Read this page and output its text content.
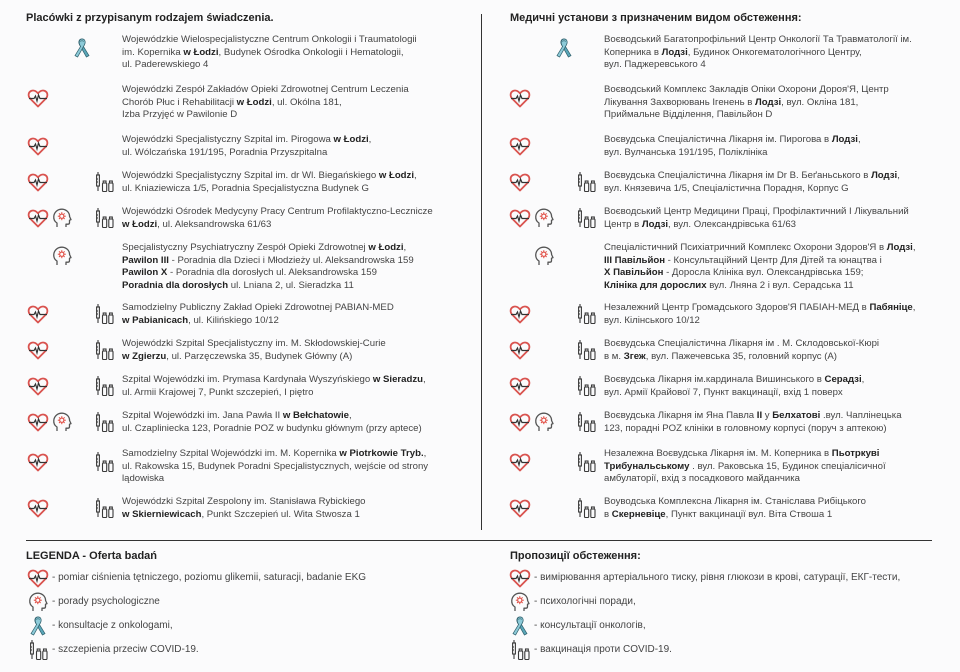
Placówki z przypisanym rodzajem świadczenia.	Медичні установи з призначеним видом обстеження:
Wojewódzkie Wielospecjalistyczne Centrum Onkologii i Traumatologii
im. Kopernika w Łodzi, Budynek Ośrodka Onkologii i Hematologii,
ul. Paderewskiego 4
Wojewódzki Zespół Zakładów Opieki Zdrowotnej Centrum Leczenia
Chorób Płuc i Rehabilitacji w Łodzi, ul. Okólna 181,
Izba Przyjęć w Pawilonie D
Wojewódzki Specjalistyczny Szpital im. Pirogowa w Łodzi,
ul. Wólczańska 191/195, Poradnia Przyszpitalna
Wojewódzki Specjalistyczny Szpital im. dr Wl. Biegańskiego w Łodzi,
ul. Kniaziewicza 1/5, Poradnia Specjalistyczna Budynek G
Wojewódzki Ośrodek Medycyny Pracy Centrum Profilaktyczno-Lecznicze
w Łodzi, ul. Aleksandrowska 61/63
Specjalistyczny Psychiatryczny Zespół Opieki Zdrowotnej w Łodzi,
Pawilon III - Poradnia dla Dzieci i Młodzieży ul. Aleksandrowska 159
Pawilon X - Poradnia dla dorosłych ul. Aleksandrowska 159
Poradnia dla dorosłych ul. Lniana 2, ul. Sieradzka 11
Samodzielny Publiczny Zakład Opieki Zdrowotnej PABIAN-MED
w Pabianicach, ul. Kilińskiego 10/12
Wojewódzki Szpital Specjalistyczny im. M. Skłodowskiej-Curie
w Zgierzu, ul. Parzęczewska 35, Budynek Główny (A)
Szpital Wojewódzki im. Prymasa Kardynała Wyszyńskiego w Sieradzu,
ul. Armii Krajowej 7, Punkt szczepień, I piętro
Szpital Wojewódzki im. Jana Pawła II w Bełchatowie,
ul. Czapliniecka 123, Poradnie POZ w budynku głównym (przy aptece)
Samodzielny Szpital Wojewódzki im. M. Kopernika w Piotrkowie Tryb.,
ul. Rakowska 15, Budynek Poradni Specjalistycznych, wejście od strony
lądowiska
Wojewódzki Szpital Zespolony im. Stanisława Rybickiego
w Skierniewicach, Punkt Szczepień ul. Wita Stwosza 1
Воєводський Багатопрофільний Центр Онкології Та Травматології ім.
Коперника в Лодзі, Будинок Онкогематологічного Центру,
вул. Паджеревського 4
Воєводський Комплекс Закладів Опіки Охорони Дороя'Я, Центр
Лікування Захворювань Ігенень в Лодзі, вул. Окліна 181,
Приймальне Відділення, Павільйон D
Воєвудська Спеціалістична Лікарня ім. Пирогова в Лодзі,
вул. Вулчанська 191/195, Поліклініка
Воєвудська Спеціалістична Лікарня ім Dr В. Беґаньського в Лодзі,
вул. Князевича 1/5, Спеціалістична Порадня, Корпус G
Воєводський Центр Медицини Праці, Профілактичний І Лікувальний
Центр в Лодзі, вул. Олександрівська 61/63
Спеціалістичний Психіатричний Комплекс Охорони Здоров'Я в Лодзі,
ІІІ Павільйон - Консультаційний Центр Для Дітей та юнацтва і
Х Павільйон - Доросла Клініка вул. Олександрівська 159;
Клініка для дорослих вул. Лняна 2 і вул. Серадська 11
Незалежний Центр Громадського Здоров'Я ПАБІАН-МЕД в Пабяніце,
вул. Кілінського 10/12
Воєвудська Спеціалістична Лікарня ім . М. Склодовської-Кюрі
в м. Згеж, вул. Пажечевська 35, головний корпус (А)
Воєвудська Лікарня ім.кардинала Вишинського в Серадзі,
вул. Армії Крайової 7, Пункт вакцинації, вхід 1 поверх
Воєвудська Лікарня ім Яна Павла II у Белхатові .вул. Чаплінецька
123, порадні POZ клініки в головному корпусі (поруч з аптекою)
Незалежна Воєвудська Лікарня ім. М. Коперника в Пьотркуві
Трибунальському . вул. Раковська 15, Будинок спеціалісичної
амбулаторії, вхід з посадкового майданчика
Воуводська Комплексна Лікарня ім. Станіслава Рибіцького
в Скерневіце, Пункт вакцинації вул. Віта Ствоша 1
LEGENDA - Oferta badań	Пропозиції обстеження:
- pomiar ciśnienia tętniczego, poziomu glikemii, saturacji, badanie EKG
- porady psychologiczne
- konsultacje z onkologami,
- szczepienia przeciw COVID-19.
- вимірювання артеріального тиску, рівня глюкози в крові, сатурації, ЕКГ-тести,
- психологічні поради,
- консультації онкологів,
- вакцинація проти COVID-19.
